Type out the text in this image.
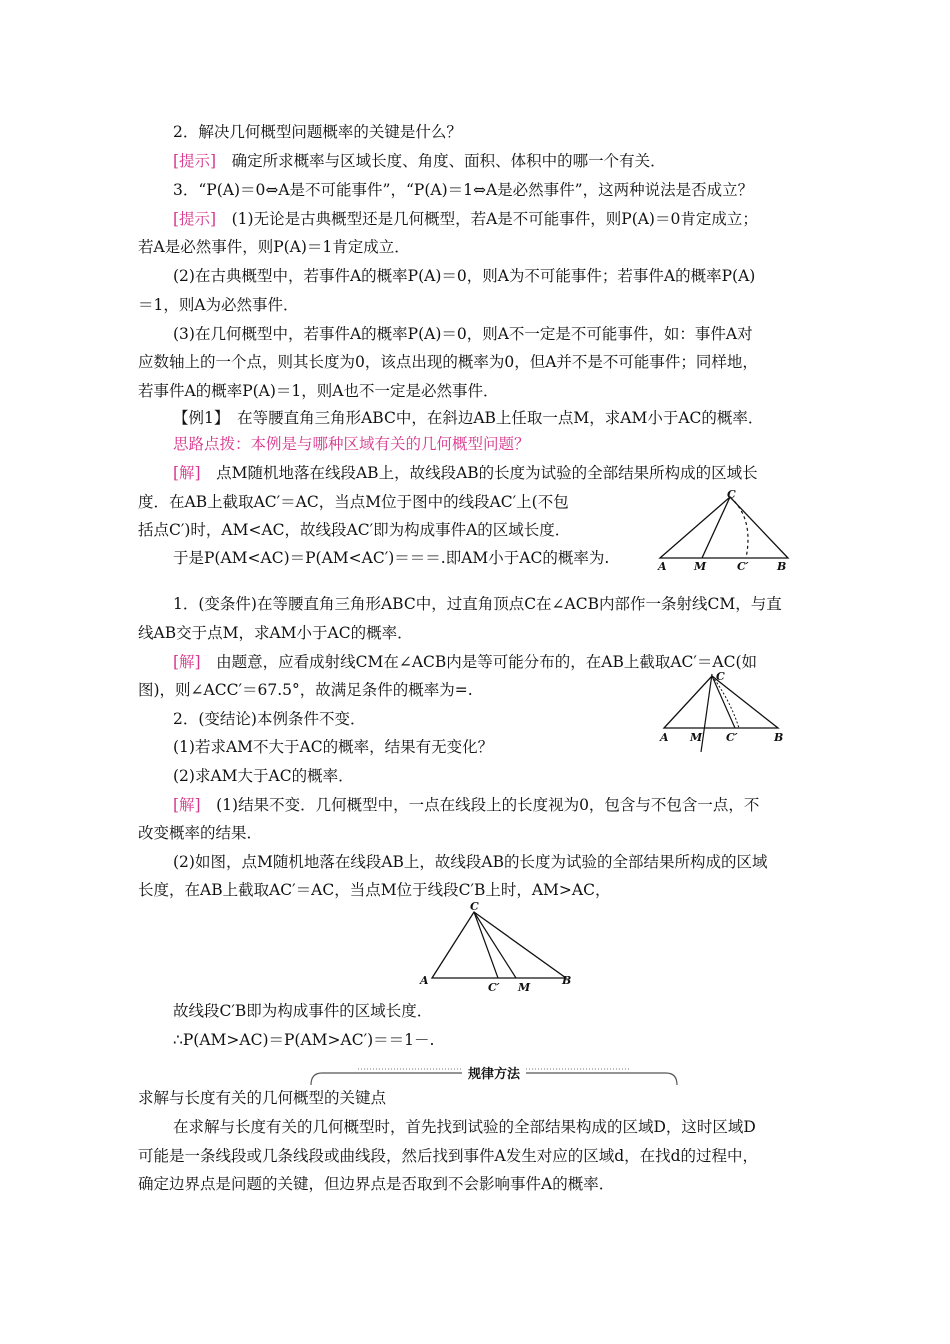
2．解决几何概型问题概率的关键是什么？
[提示]　确定所求概率与区域长度、角度、面积、体积中的哪一个有关．
3．“P(A)＝0⇔A是不可能事件”，“P(A)＝1⇔A是必然事件”，这两种说法是否成立？
[提示]　(1)无论是古典概型还是几何概型，若A是不可能事件，则P(A)＝0肯定成立；
若A是必然事件，则P(A)＝1肯定成立．
(2)在古典概型中，若事件A的概率P(A)＝0，则A为不可能事件；若事件A的概率P(A)
＝1，则A为必然事件．
(3)在几何概型中，若事件A的概率P(A)＝0，则A不一定是不可能事件，如：事件A对
应数轴上的一个点，则其长度为0，该点出现的概率为0，但A并不是不可能事件；同样地，
若事件A的概率P(A)＝1，则A也不一定是必然事件．
【例1】　在等腰直角三角形ABC中，在斜边AB上任取一点M，求AM小于AC的概率．
思路点拨：本例是与哪种区域有关的几何概型问题？
[解]　点M随机地落在线段AB上，故线段AB的长度为试验的全部结果所构成的区域长
度．在AB上截取AC′＝AC，当点M位于图中的线段AC′上(不包
括点C′)时，AM<AC，故线段AC′即为构成事件A的区域长度．
于是P(AM<AC)＝P(AM<AC′)＝＝＝.即AM小于AC的概率为.	A M	C′	B
C
1．(变条件)在等腰直角三角形ABC中，过直角顶点C在∠ACB内部作一条射线CM，与直
线AB交于点M，求AM小于AC的概率．
[解]　由题意，应看成射线CM在∠ACB内是等可能分布的，在AB上截取AC′＝AC(如
图)，则∠ACC′＝67.5°，故满足条件的概率为=.
2．(变结论)本例条件不变．
(1)若求AM不大于AC的概率，结果有无变化？
(2)求AM大于AC的概率．
A M C′	B
C
[解]　(1)结果不变．几何概型中，一点在线段上的长度视为0，包含与不包含一点，不
改变概率的结果．
(2)如图，点M随机地落在线段AB上，故线段AB的长度为试验的全部结果所构成的区域
长度，在AB上截取AC′＝AC，当点M位于线段C′B上时，AM>AC，
A
C′ M
B
C
故线段C′B即为构成事件的区域长度．
∴P(AM>AC)＝P(AM>AC′)＝＝1－.
规律方法
求解与长度有关的几何概型的关键点
在求解与长度有关的几何概型时，首先找到试验的全部结果构成的区域D，这时区域D
可能是一条线段或几条线段或曲线段，然后找到事件A发生对应的区域d，在找d的过程中，
确定边界点是问题的关键，但边界点是否取到不会影响事件A的概率．
